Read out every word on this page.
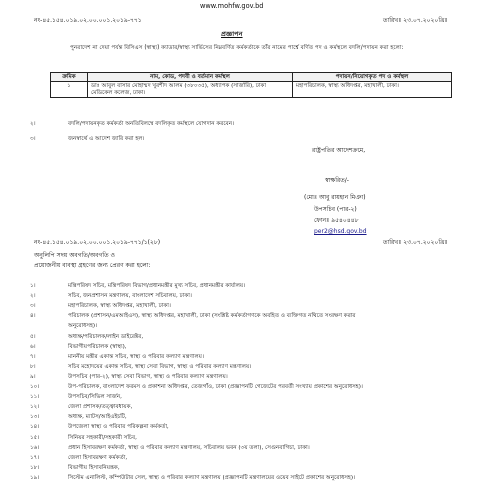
www.mohfw.gov.bd
নং-৪৫.১৫৪.০১৯.০২.০০.০০১.২০১৯-৭৭১	তারিখঃ ২৩.০৭.২০২০খ্রিঃ
প্রজ্ঞাপন
পুনরাদেশ না দেয়া পর্যন্ত বিসিএস (স্বাস্থ্য) ক্যাডার/স্বাস্থ্য সার্ভিসের নিম্নবর্ণিত কর্মকর্তাকে তাঁর নামের পার্শ্বে বর্ণিত পদ ও কর্মস্থলে বদলি/পদায়ন করা হলো:
ক্রমিক	নাম, কোড, পদবী ও বর্তমান কর্মস্থল	পদায়ন/নিয়োগকৃত পদ ও কর্মস্থল
১	ডাঃ আবুল বাসার মোহাম্মদ খুরশীদ আলম (৩৮০৩৫), অধ্যাপক (সার্জারি), ঢাকা মেডিকেল কলেজ, ঢাকা।	মহাপরিচালক, স্বাস্থ্য অধিদপ্তর, মহাখালী, ঢাকা।
২।	বদলি/পদায়নকৃত কর্মকর্তা অনতিবিলম্বে বদলিকৃত কর্মস্থলে যোগদান করবেন।
৩।	জনস্বার্থে এ আদেশ জারি করা হল।
রাষ্ট্রপতির আদেশক্রমে,
স্বাক্ষরিত/-
(মোঃ আবু রায়হান মিঞা)
উপসচিব (পার-২)
ফোনঃ ৯৫৪০৪৪৮
per2@hsd.gov.bd
নং-৪৫.১৫৪.০১৯.০২.০০.০০১.২০১৯-৭৭১/১(২৮)	তারিখঃ ২৩.০৭.২০২০খ্রিঃ
অনুলিপি সদয় অবগতি/অবগতি ও
প্রয়োজনীয় ব্যবস্থা গ্রহণের জন্য প্রেরণ করা হলো:
১।	মন্ত্রিপরিষদ সচিব, মন্ত্রিপরিষদ বিভাগ/প্রধানমন্ত্রীর মুখ্য সচিব, প্রধানমন্ত্রীর কার্যালয়।
২।	সচিব, জনপ্রশাসন মন্ত্রণালয়, বাংলাদেশ সচিবালয়, ঢাকা।
৩।	মহাপরিচালক, স্বাস্থ্য অধিদপ্তর, মহাখালী, ঢাকা।
৪।	পরিচালক (প্রশাসন/এমআইএস), স্বাস্থ্য অধিদপ্তর, মহাখালী, ঢাকা (সংশ্লিষ্ট কর্মকর্তাগণকে অবহিত ও ব্যক্তিগত নথিতে সংরক্ষণ করার
অনুরোধসহ)।
৫।	অধ্যক্ষ/পরিচালক/লাইন ডাইরেক্টর,
৬।	বিভাগীয়পরিচালক (স্বাস্থ্য),
৭।	মাননীয় মন্ত্রীর একান্ত সচিব, স্বাস্থ্য ও পরিবার কল্যাণ মন্ত্রণালয়।
৮।	সচিব মহোদয়ের একান্ত সচিব, স্বাস্থ্য সেবা বিভাগ, স্বাস্থ্য ও পরিবার কল্যাণ মন্ত্রণালয়।
৯।	উপসচিব (পার-২), স্বাস্থ্য সেবা বিভাগ, স্বাস্থ্য ও পরিবার কল্যাণ মন্ত্রণালয়।
১০।	উপ-পরিচালক, বাংলাদেশ ফরমস ও প্রকাশনা অধিদপ্তর, তেজগাঁও, ঢাকা (প্রজ্ঞাপনটি গেজেটের পরবর্তী সংখ্যায় প্রকাশের অনুরোধসহ)।
১১।	উপসচিব/সিভিল সার্জন,
১২।	জেলা প্রশাসক/তত্ত্বাবধায়ক,
১৩।	অধ্যক্ষ, ম্যাটস/আইএইচটি,
১৪।	উপজেলা স্বাস্থ্য ও পরিবার পরিকল্পনা কর্মকর্তা,
১৫।	সিনিয়র সহকারী/সহকারী সচিব,
১৬।	প্রধান হিসাবরক্ষণ কর্মকর্তা, স্বাস্থ্য ও পরিবার কল্যাণ মন্ত্রণালয়, সচিবালয় ভবন (৩য় তলা), সেগুনবাগিচা, ঢাকা।
১৭।	জেলা হিসাবরক্ষণ কর্মকর্তা,
১৮।	বিভাগীয় হিসাবনিয়ন্ত্রক,
১৯।	সিস্টেম এনালিস্ট, কম্পিউটার সেল, স্বাস্থ্য ও পরিবার কল্যাণ মন্ত্রণালয় (প্রজ্ঞাপনটি মন্ত্রণালয়ের ওয়েব সাইটে প্রকাশের অনুরোধসহ)।
